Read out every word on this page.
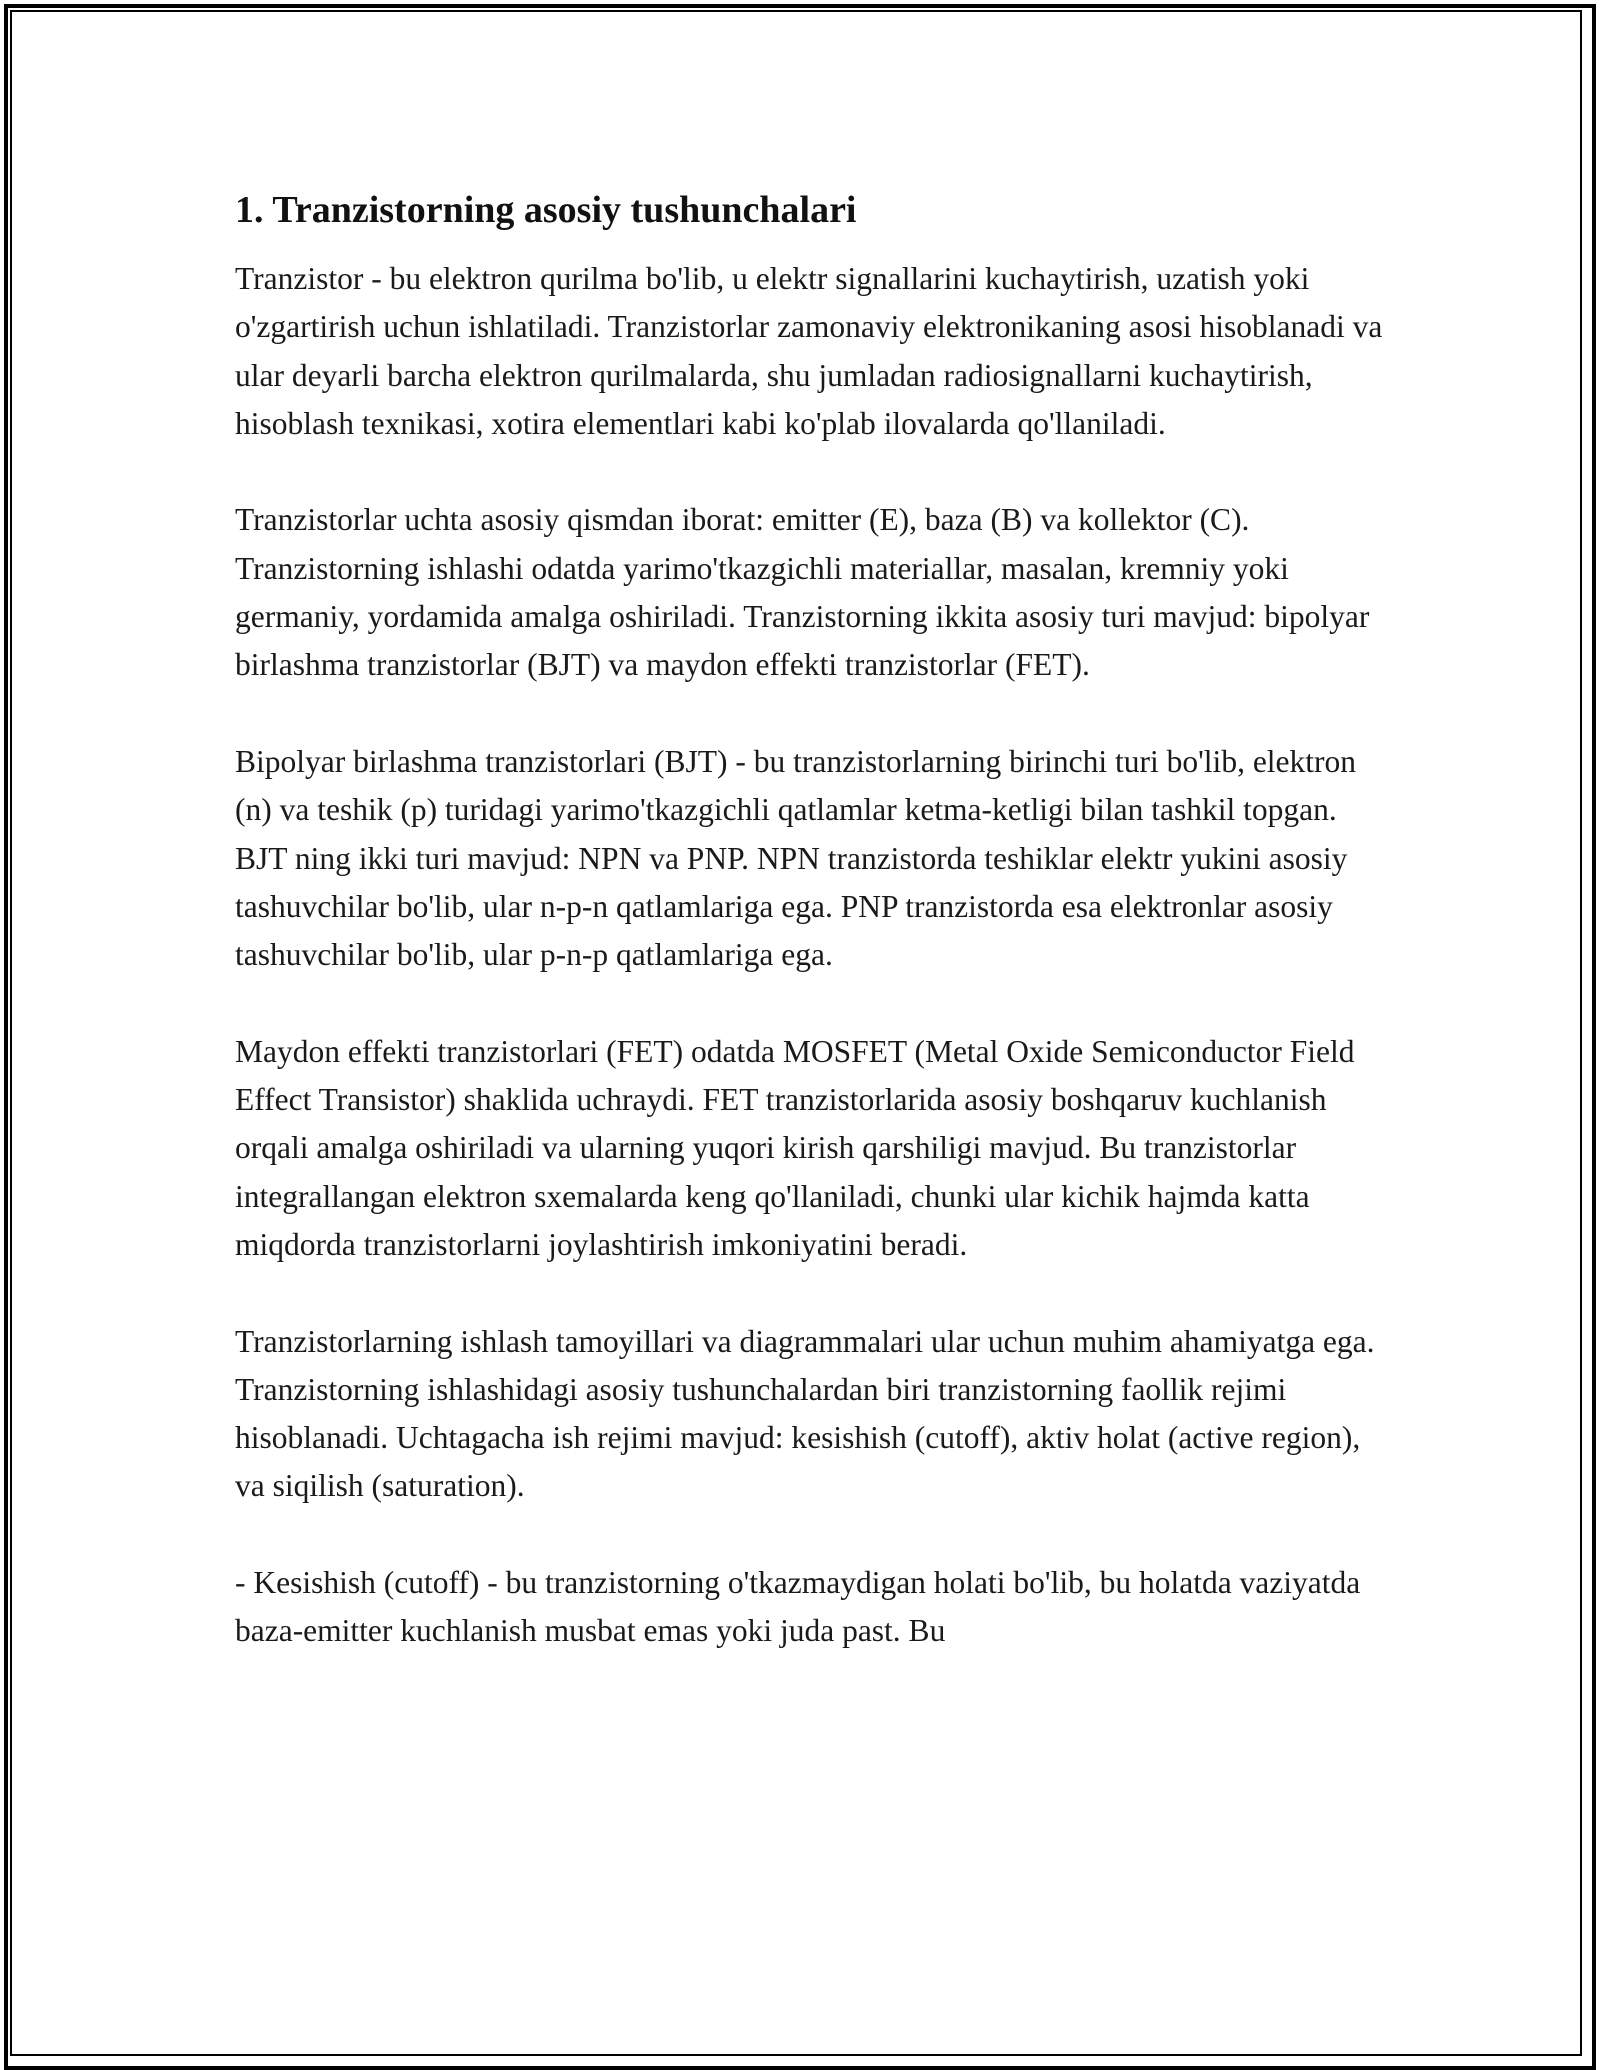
1. Tranzistorning asosiy tushunchalari

Tranzistor - bu elektron qurilma bo'lib, u elektr signallarini kuchaytirish, uzatish yoki o'zgartirish uchun ishlatiladi. Tranzistorlar zamonaviy elektronikaning asosi hisoblanadi va ular deyarli barcha elektron qurilmalarda, shu jumladan radiosignallarni kuchaytirish, hisoblash texnikasi, xotira elementlari kabi ko'plab ilovalarda qo'llaniladi.

Tranzistorlar uchta asosiy qismdan iborat: emitter (E), baza (B) va kollektor (C). Tranzistorning ishlashi odatda yarimo'tkazgichli materiallar, masalan, kremniy yoki germaniy, yordamida amalga oshiriladi. Tranzistorning ikkita asosiy turi mavjud: bipolyar birlashma tranzistorlar (BJT) va maydon effekti tranzistorlar (FET).

Bipolyar birlashma tranzistorlari (BJT) - bu tranzistorlarning birinchi turi bo'lib, elektron (n) va teshik (p) turidagi yarimo'tkazgichli qatlamlar ketma-ketligi bilan tashkil topgan. BJT ning ikki turi mavjud: NPN va PNP. NPN tranzistorda teshiklar elektr yukini asosiy tashuvchilar bo'lib, ular n-p-n qatlamlariga ega. PNP tranzistorda esa elektronlar asosiy tashuvchilar bo'lib, ular p-n-p qatlamlariga ega.

Maydon effekti tranzistorlari (FET) odatda MOSFET (Metal Oxide Semiconductor Field Effect Transistor) shaklida uchraydi. FET tranzistorlarida asosiy boshqaruv kuchlanish orqali amalga oshiriladi va ularning yuqori kirish qarshiligi mavjud. Bu tranzistorlar integrallangan elektron sxemalarda keng qo'llaniladi, chunki ular kichik hajmda katta miqdorda tranzistorlarni joylashtirish imkoniyatini beradi.

Tranzistorlarning ishlash tamoyillari va diagrammalari ular uchun muhim ahamiyatga ega. Tranzistorning ishlashidagi asosiy tushunchalardan biri tranzistorning faollik rejimi hisoblanadi. Uchtagacha ish rejimi mavjud: kesishish (cutoff), aktiv holat (active region), va siqilish (saturation).

- Kesishish (cutoff) - bu tranzistorning o'tkazmaydigan holati bo'lib, bu holatda vaziyatda baza-emitter kuchlanish musbat emas yoki juda past. Bu
